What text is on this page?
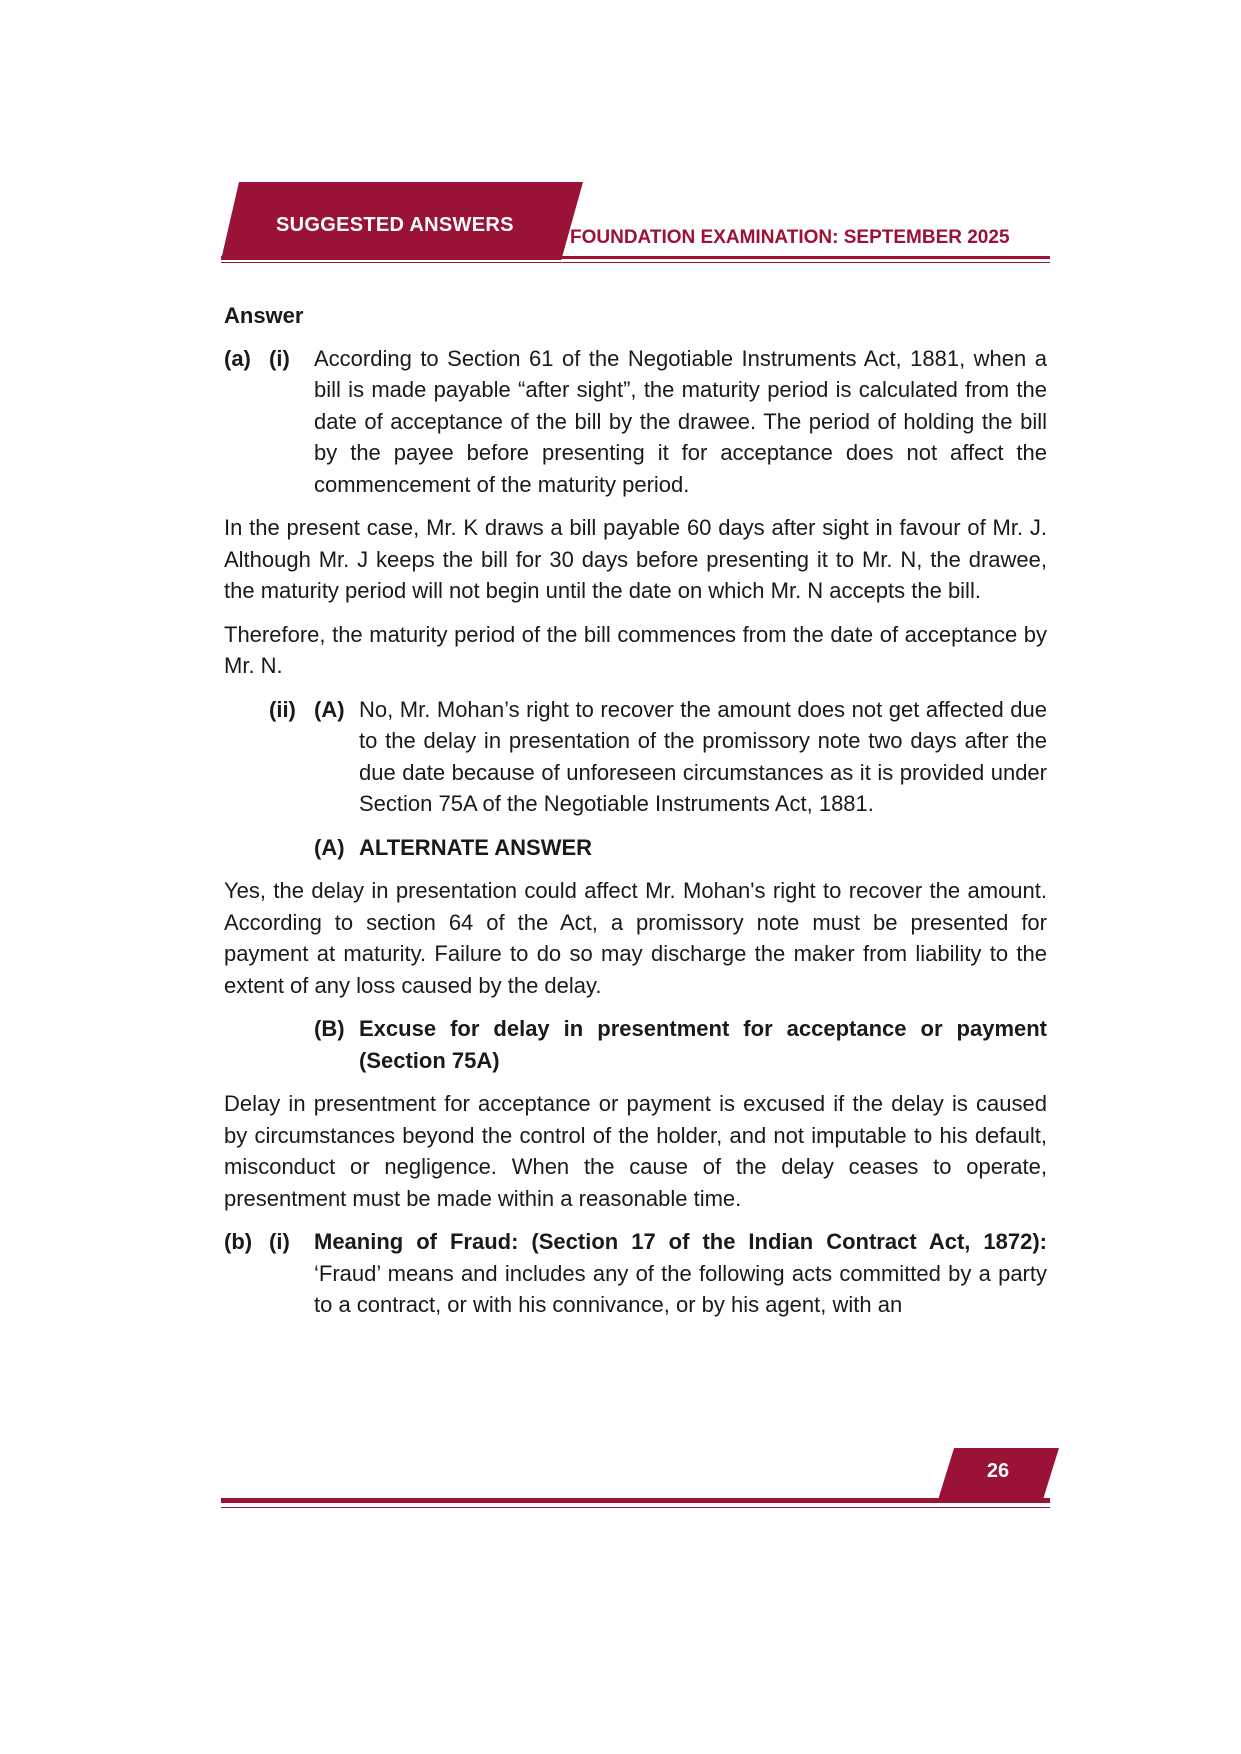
SUGGESTED ANSWERS
FOUNDATION EXAMINATION: SEPTEMBER 2025
Answer
(a) (i)	According to Section 61 of the Negotiable Instruments Act, 1881, when a bill is made payable “after sight”, the maturity period is calculated from the date of acceptance of the bill by the drawee. The period of holding the bill by the payee before presenting it for acceptance does not affect the commencement of the maturity period.

In the present case, Mr. K draws a bill payable 60 days after sight in favour of Mr. J. Although Mr. J keeps the bill for 30 days before presenting it to Mr. N, the drawee, the maturity period will not begin until the date on which Mr. N accepts the bill.

Therefore, the maturity period of the bill commences from the date of acceptance by Mr. N.

(ii) (A) No, Mr. Mohan’s right to recover the amount does not get affected due to the delay in presentation of the promissory note two days after the due date because of unforeseen circumstances as it is provided under Section 75A of the Negotiable Instruments Act, 1881.
(A) ALTERNATE ANSWER

Yes, the delay in presentation could affect Mr. Mohan's right to recover the amount. According to section 64 of the Act, a promissory note must be presented for payment at maturity. Failure to do so may discharge the maker from liability to the extent of any loss caused by the delay.

(B) Excuse for delay in presentment for acceptance or payment (Section 75A)

Delay in presentment for acceptance or payment is excused if the delay is caused by circumstances beyond the control of the holder, and not imputable to his default, misconduct or negligence. When the cause of the delay ceases to operate, presentment must be made within a reasonable time.

(b) (i)	Meaning of Fraud: (Section 17 of the Indian Contract Act, 1872): ‘Fraud’ means and includes any of the following acts committed by a party to a contract, or with his connivance, or by his agent, with an
26
